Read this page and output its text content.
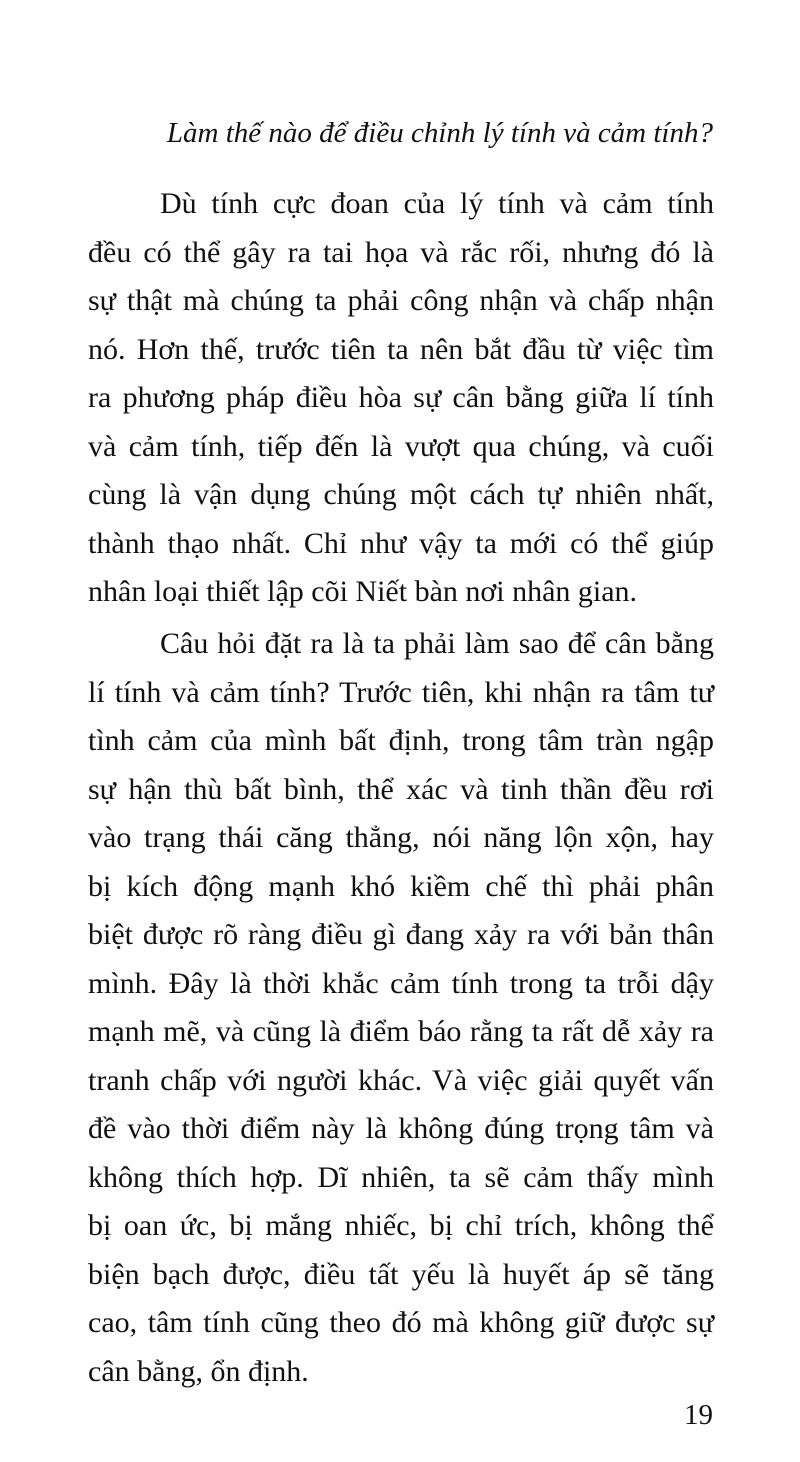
Làm thế nào để điều chỉnh lý tính và cảm tính?
Dù tính cực đoan của lý tính và cảm tính
đều có thể gây ra tai họa và rắc rối, nhưng đó là
sự thật mà chúng ta phải công nhận và chấp nhận
nó. Hơn thế, trước tiên ta nên bắt đầu từ việc tìm
ra phương pháp điều hòa sự cân bằng giữa lí tính
và cảm tính, tiếp đến là vượt qua chúng, và cuối
cùng là vận dụng chúng một cách tự nhiên nhất,
thành thạo nhất. Chỉ như vậy ta mới có thể giúp
nhân loại thiết lập cõi Niết bàn nơi nhân gian.
Câu hỏi đặt ra là ta phải làm sao để cân bằng
lí tính và cảm tính? Trước tiên, khi nhận ra tâm tư
tình cảm của mình bất định, trong tâm tràn ngập
sự hận thù bất bình, thể xác và tinh thần đều rơi
vào trạng thái căng thẳng, nói năng lộn xộn, hay
bị kích động mạnh khó kiềm chế thì phải phân
biệt được rõ ràng điều gì đang xảy ra với bản thân
mình. Đây là thời khắc cảm tính trong ta trỗi dậy
mạnh mẽ, và cũng là điểm báo rằng ta rất dễ xảy ra
tranh chấp với người khác. Và việc giải quyết vấn
đề vào thời điểm này là không đúng trọng tâm và
không thích hợp. Dĩ nhiên, ta sẽ cảm thấy mình
bị oan ức, bị mắng nhiếc, bị chỉ trích, không thể
biện bạch được, điều tất yếu là huyết áp sẽ tăng
cao, tâm tính cũng theo đó mà không giữ được sự
cân bằng, ổn định.

19
